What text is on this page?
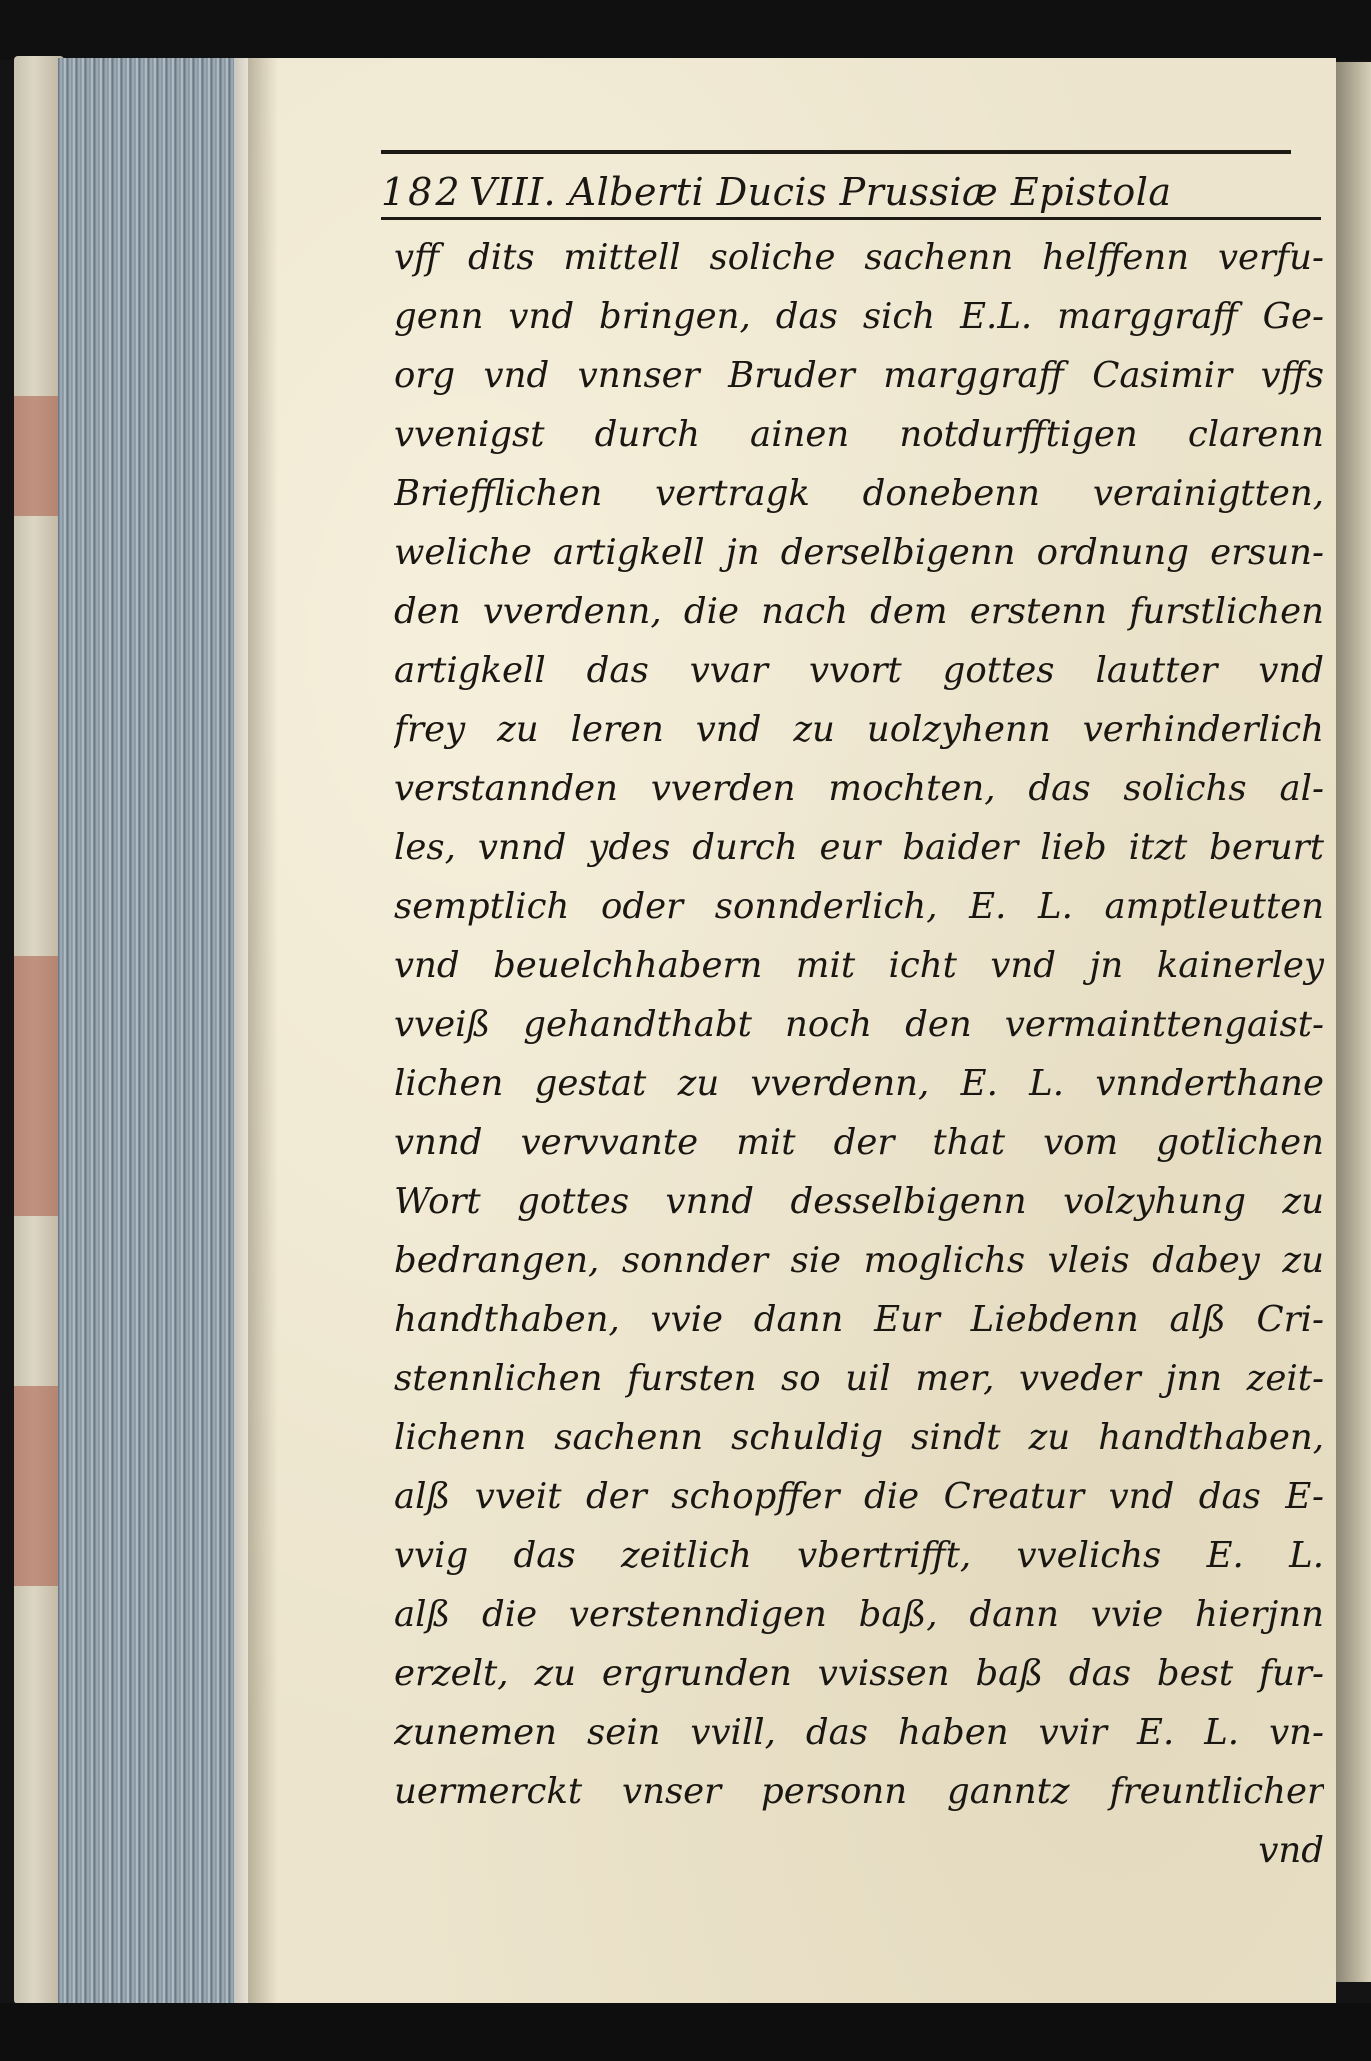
182 VIII. Alberti Ducis Prussiæ Epistola
vff dits mittell soliche sachenn helffenn verfu-
genn vnd bringen, das sich E.L. marggraff Ge-
org vnd vnnser Bruder marggraff Casimir vffs
vvenigst durch ainen notdurfftigen clarenn
Briefflichen vertragk donebenn verainigtten,
weliche artigkell jn derselbigenn ordnung ersun-
den vverdenn, die nach dem erstenn furstlichen
artigkell das vvar vvort gottes lautter vnd
frey zu leren vnd zu uolzyhenn verhinderlich
verstannden vverden mochten, das solichs al-
les, vnnd ydes durch eur baider lieb itzt berurt
semptlich oder sonnderlich, E. L. amptleutten
vnd beuelchhabern mit icht vnd jn kainerley
vveiß gehandthabt noch den vermainttengaist-
lichen gestat zu vverdenn, E. L. vnnderthane
vnnd vervvante mit der that vom gotlichen
Wort gottes vnnd desselbigenn volzyhung zu
bedrangen, sonnder sie moglichs vleis dabey zu
handthaben, vvie dann Eur Liebdenn alß Cri-
stennlichen fursten so uil mer, vveder jnn zeit-
lichenn sachenn schuldig sindt zu handthaben,
alß vveit der schopffer die Creatur vnd das E-
vvig das zeitlich vbertrifft, vvelichs E. L.
alß die verstenndigen baß, dann vvie hierjnn
erzelt, zu ergrunden vvissen baß das best fur-
zunemen sein vvill, das haben vvir E. L. vn-
uermerckt vnser personn ganntz freuntlicher
vnd
